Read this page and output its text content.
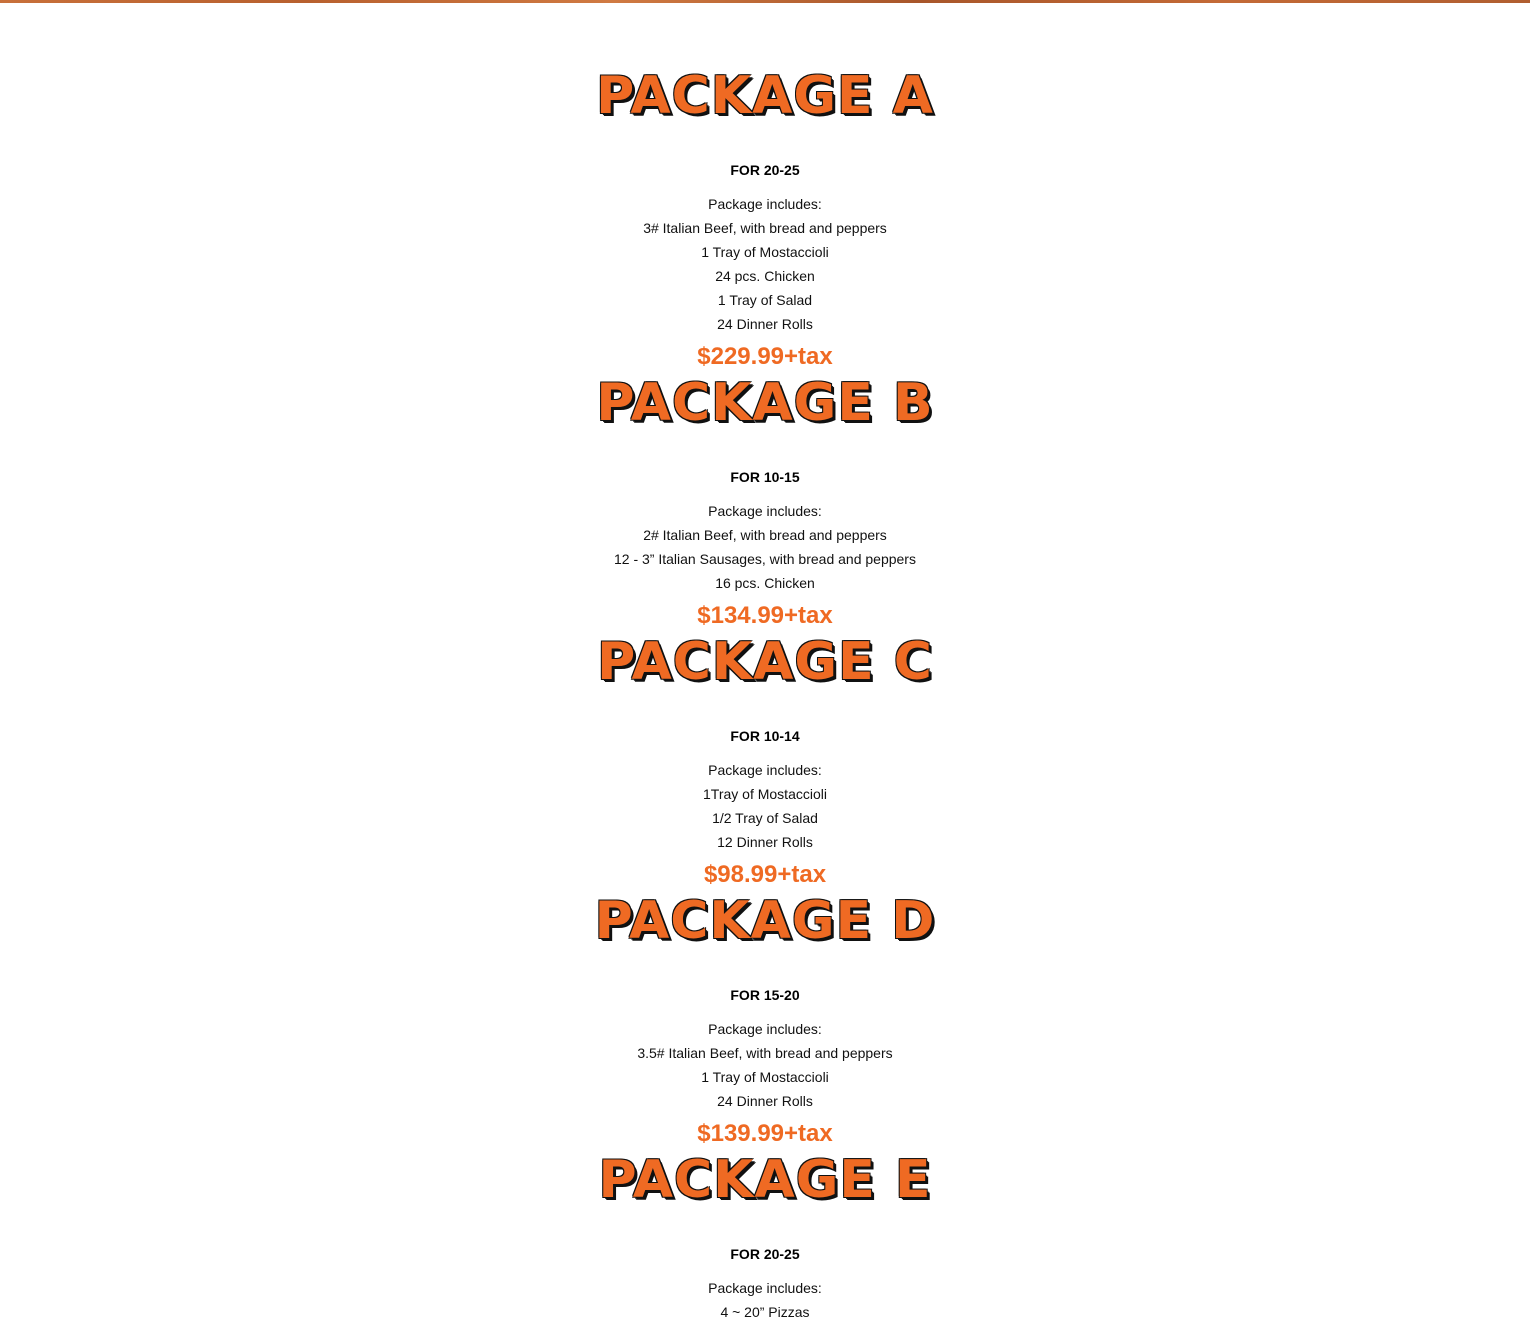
PACKAGE A
FOR 20-25
Package includes:
3# Italian Beef, with bread and peppers
1 Tray of Mostaccioli
24 pcs. Chicken
1 Tray of Salad
24 Dinner Rolls
$229.99+tax
PACKAGE B
FOR 10-15
Package includes:
2# Italian Beef, with bread and peppers
12 - 3” Italian Sausages, with bread and peppers
16 pcs. Chicken
$134.99+tax
PACKAGE C
FOR 10-14
Package includes:
1Tray of Mostaccioli
1/2 Tray of Salad
12 Dinner Rolls
$98.99+tax
PACKAGE D
FOR 15-20
Package includes:
3.5# Italian Beef, with bread and peppers
1 Tray of Mostaccioli
24 Dinner Rolls
$139.99+tax
PACKAGE E
FOR 20-25
Package includes:
4 ~ 20” Pizzas
